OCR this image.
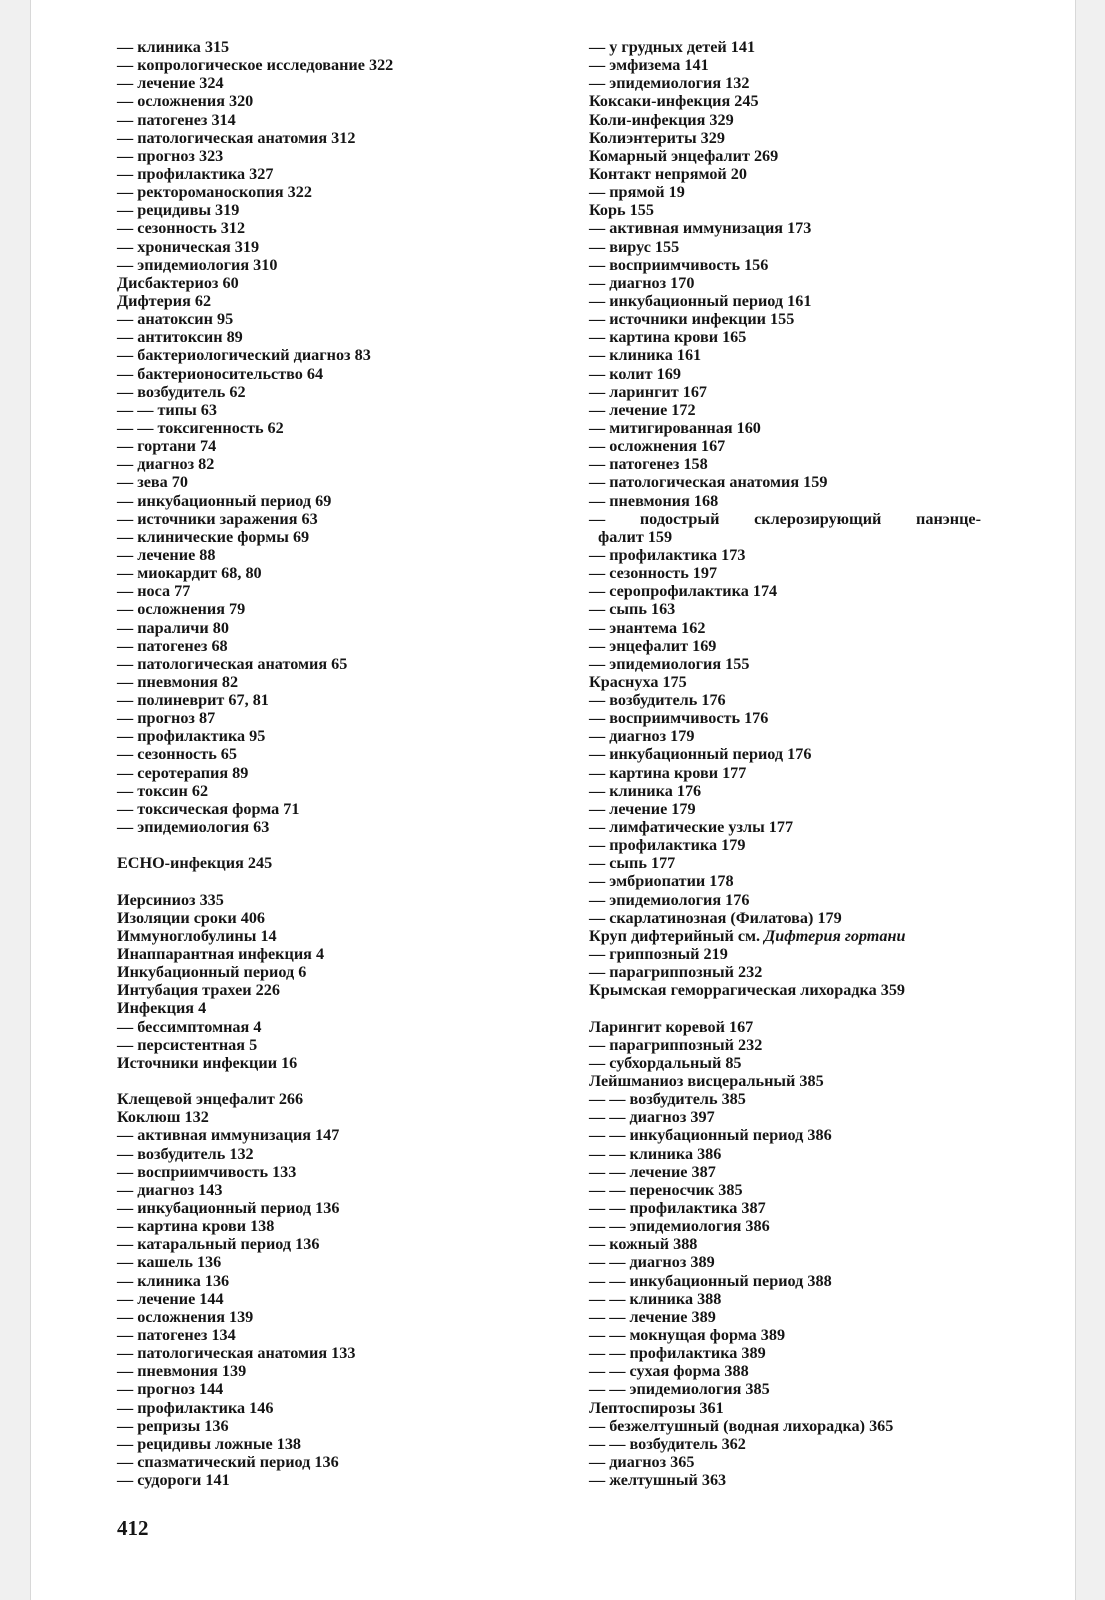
— клиника 315
— копрологическое исследование 322
— лечение 324
— осложнения 320
— патогенез 314
— патологическая анатомия 312
— прогноз 323
— профилактика 327
— ректороманоскопия 322
— рецидивы 319
— сезонность 312
— хроническая 319
— эпидемиология 310
Дисбактериоз 60
Дифтерия 62
— анатоксин 95
— антитоксин 89
— бактериологический диагноз 83
— бактерионосительство 64
— возбудитель 62
— — типы 63
— — токсигенность 62
— гортани 74
— диагноз 82
— зева 70
— инкубационный период 69
— источники заражения 63
— клинические формы 69
— лечение 88
— миокардит 68, 80
— носа 77
— осложнения 79
— параличи 80
— патогенез 68
— патологическая анатомия 65
— пневмония 82
— полиневрит 67, 81
— прогноз 87
— профилактика 95
— сезонность 65
— серотерапия 89
— токсин 62
— токсическая форма 71
— эпидемиология 63
ECHO-инфекция 245
Иерсиниоз 335
Изоляции сроки 406
Иммуноглобулины 14
Инаппарантная инфекция 4
Инкубационный период 6
Интубация трахеи 226
Инфекция 4
— бессимптомная 4
— персистентная 5
Источники инфекции 16
Клещевой энцефалит 266
Коклюш 132
— активная иммунизация 147
— возбудитель 132
— восприимчивость 133
— диагноз 143
— инкубационный период 136
— картина крови 138
— катаральный период 136
— кашель 136
— клиника 136
— лечение 144
— осложнения 139
— патогенез 134
— патологическая анатомия 133
— пневмония 139
— прогноз 144
— профилактика 146
— репризы 136
— рецидивы ложные 138
— спазматический период 136
— судороги 141
— у грудных детей 141
— эмфизема 141
— эпидемиология 132
Коксаки-инфекция 245
Коли-инфекция 329
Колиэнтериты 329
Комарный энцефалит 269
Контакт непрямой 20
— прямой 19
Корь 155
— активная иммунизация 173
— вирус 155
— восприимчивость 156
— диагноз 170
— инкубационный период 161
— источники инфекции 155
— картина крови 165
— клиника 161
— колит 169
— ларингит 167
— лечение 172
— митигированная 160
— осложнения 167
— патогенез 158
— патологическая анатомия 159
— пневмония 168
— подострый склерозирующий панэнце-
фалит 159
— профилактика 173
— сезонность 197
— серопрофилактика 174
— сыпь 163
— энантема 162
— энцефалит 169
— эпидемиология 155
Краснуха 175
— возбудитель 176
— восприимчивость 176
— диагноз 179
— инкубационный период 176
— картина крови 177
— клиника 176
— лечение 179
— лимфатические узлы 177
— профилактика 179
— сыпь 177
— эмбриопатии 178
— эпидемиология 176
— скарлатинозная (Филатова) 179
Круп дифтерийный см. Дифтерия гортани
— гриппозный 219
— парагриппозный 232
Крымская геморрагическая лихорадка 359
Ларингит коревой 167
— парагриппозный 232
— субхордальный 85
Лейшманиоз висцеральный 385
— — возбудитель 385
— — диагноз 397
— — инкубационный период 386
— — клиника 386
— — лечение 387
— — переносчик 385
— — профилактика 387
— — эпидемиология 386
— кожный 388
— — диагноз 389
— — инкубационный период 388
— — клиника 388
— — лечение 389
— — мокнущая форма 389
— — профилактика 389
— — сухая форма 388
— — эпидемиология 385
Лептоспирозы 361
— безжелтушный (водная лихорадка) 365
— — возбудитель 362
— диагноз 365
— желтушный 363
412
